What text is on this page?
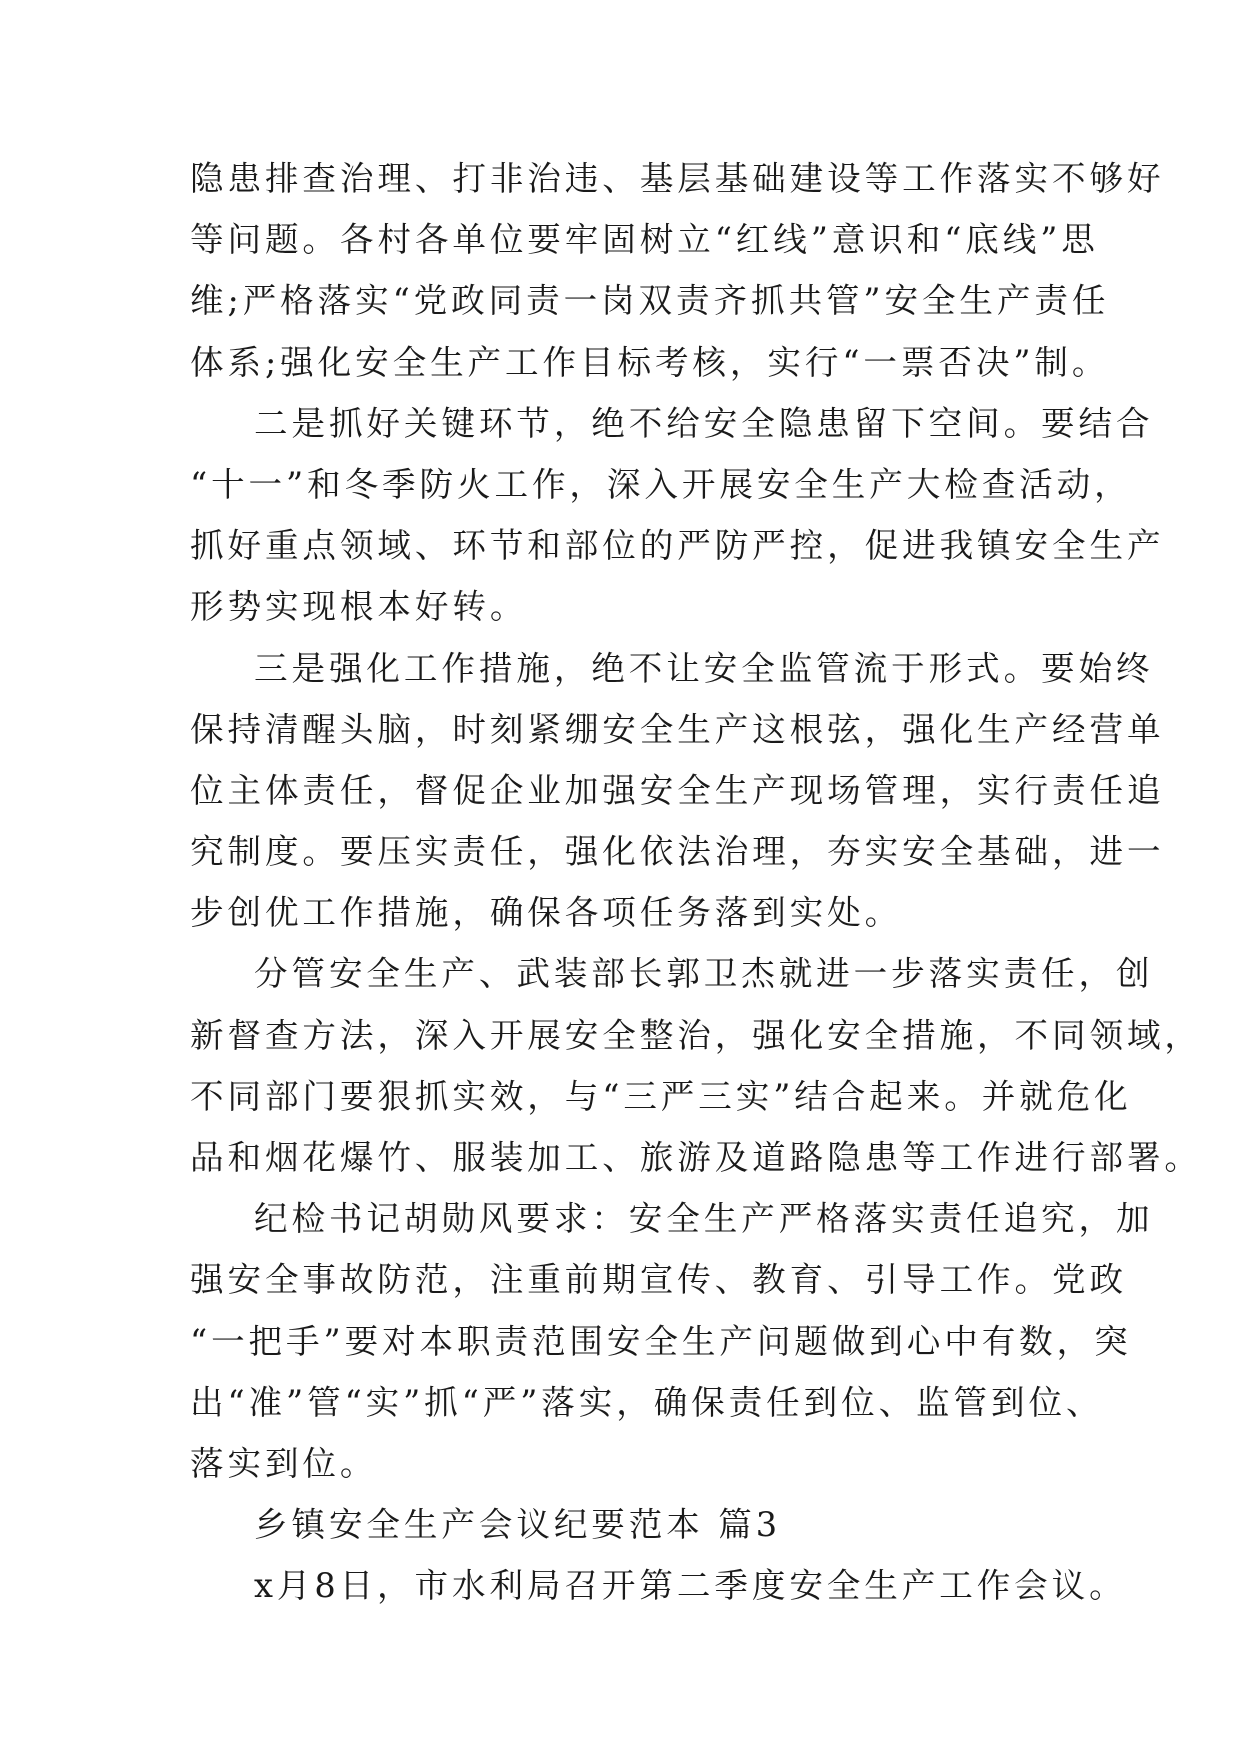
隐患排查治理、打非治违、基层基础建设等工作落实不够好
等问题。各村各单位要牢固树立“红线”意识和“底线”思
维;严格落实“党政同责一岗双责齐抓共管”安全生产责任
体系;强化安全生产工作目标考核，实行“一票否决”制。
二是抓好关键环节，绝不给安全隐患留下空间。要结合
“十一”和冬季防火工作，深入开展安全生产大检查活动，
抓好重点领域、环节和部位的严防严控，促进我镇安全生产
形势实现根本好转。
三是强化工作措施，绝不让安全监管流于形式。要始终
保持清醒头脑，时刻紧绷安全生产这根弦，强化生产经营单
位主体责任，督促企业加强安全生产现场管理，实行责任追
究制度。要压实责任，强化依法治理，夯实安全基础，进一
步创优工作措施，确保各项任务落到实处。
分管安全生产、武装部长郭卫杰就进一步落实责任，创
新督查方法，深入开展安全整治，强化安全措施，不同领域，
不同部门要狠抓实效，与“三严三实”结合起来。并就危化
品和烟花爆竹、服装加工、旅游及道路隐患等工作进行部署。
纪检书记胡勋风要求：安全生产严格落实责任追究，加
强安全事故防范，注重前期宣传、教育、引导工作。党政
“一把手”要对本职责范围安全生产问题做到心中有数，突
出“准”管“实”抓“严”落实，确保责任到位、监管到位、
落实到位。
乡镇安全生产会议纪要范本 篇3
x月8日，市水利局召开第二季度安全生产工作会议。
